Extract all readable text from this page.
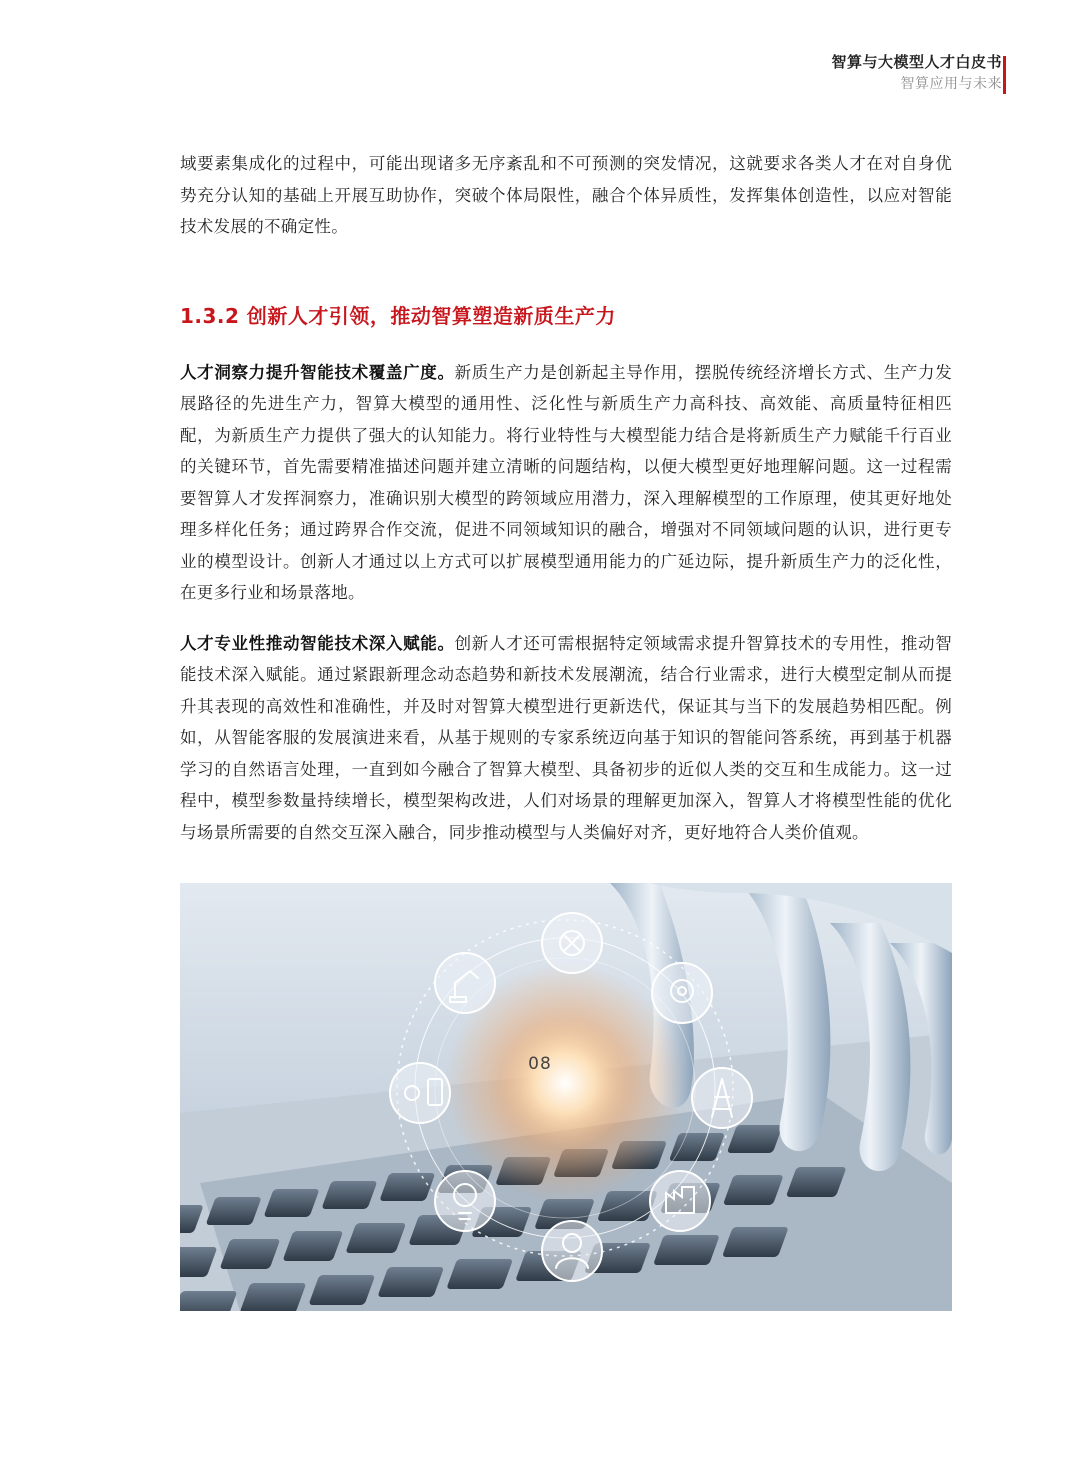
智算与大模型人才白皮书
智算应用与未来

域要素集成化的过程中，可能出现诸多无序紊乱和不可预测的突发情况，这就要求各类人才在对自身优势充分认知的基础上开展互助协作，突破个体局限性，融合个体异质性，发挥集体创造性，以应对智能技术发展的不确定性。

1.3.2 创新人才引领，推动智算塑造新质生产力

人才洞察力提升智能技术覆盖广度。新质生产力是创新起主导作用，摆脱传统经济增长方式、生产力发展路径的先进生产力，智算大模型的通用性、泛化性与新质生产力高科技、高效能、高质量特征相匹配，为新质生产力提供了强大的认知能力。将行业特性与大模型能力结合是将新质生产力赋能千行百业的关键环节，首先需要精准描述问题并建立清晰的问题结构，以便大模型更好地理解问题。这一过程需要智算人才发挥洞察力，准确识别大模型的跨领域应用潜力，深入理解模型的工作原理，使其更好地处理多样化任务；通过跨界合作交流，促进不同领域知识的融合，增强对不同领域问题的认识，进行更专业的模型设计。创新人才通过以上方式可以扩展模型通用能力的广延边际，提升新质生产力的泛化性，在更多行业和场景落地。

人才专业性推动智能技术深入赋能。创新人才还可需根据特定领域需求提升智算技术的专用性，推动智能技术深入赋能。通过紧跟新理念动态趋势和新技术发展潮流，结合行业需求，进行大模型定制从而提升其表现的高效性和准确性，并及时对智算大模型进行更新迭代，保证其与当下的发展趋势相匹配。例如，从智能客服的发展演进来看，从基于规则的专家系统迈向基于知识的智能问答系统，再到基于机器学习的自然语言处理，一直到如今融合了智算大模型、具备初步的近似人类的交互和生成能力。这一过程中，模型参数量持续增长，模型架构改进，人们对场景的理解更加深入，智算人才将模型性能的优化与场景所需要的自然交互深入融合，同步推动模型与人类偏好对齐，更好地符合人类价值观。

08
